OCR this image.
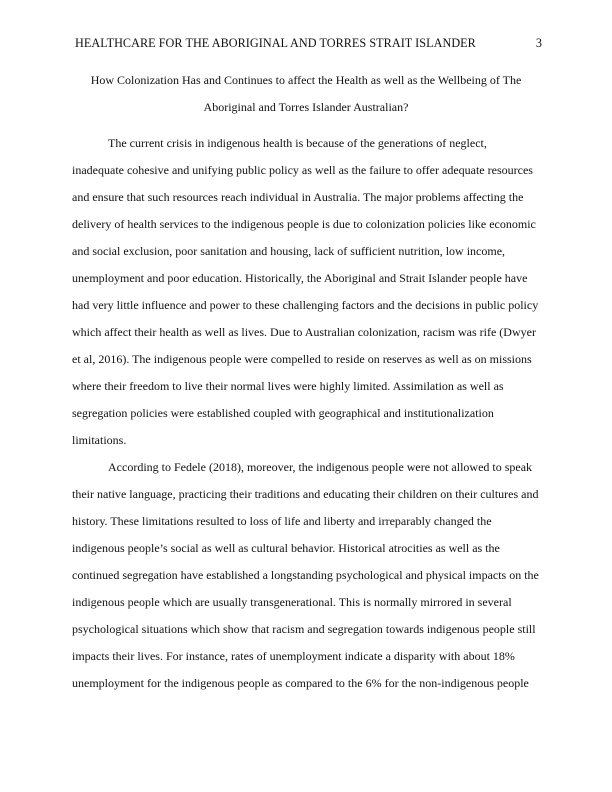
HEALTHCARE FOR THE ABORIGINAL AND TORRES STRAIT ISLANDER	3
How Colonization Has and Continues to affect the Health as well as the Wellbeing of The
Aboriginal and Torres Islander Australian?
The current crisis in indigenous health is because of the generations of neglect,
inadequate cohesive and unifying public policy as well as the failure to offer adequate resources
and ensure that such resources reach individual in Australia. The major problems affecting the
delivery of health services to the indigenous people is due to colonization policies like economic
and social exclusion, poor sanitation and housing, lack of sufficient nutrition, low income,
unemployment and poor education. Historically, the Aboriginal and Strait Islander people have
had very little influence and power to these challenging factors and the decisions in public policy
which affect their health as well as lives. Due to Australian colonization, racism was rife (Dwyer
et al, 2016). The indigenous people were compelled to reside on reserves as well as on missions
where their freedom to live their normal lives were highly limited. Assimilation as well as
segregation policies were established coupled with geographical and institutionalization
limitations.
According to Fedele (2018), moreover, the indigenous people were not allowed to speak
their native language, practicing their traditions and educating their children on their cultures and
history. These limitations resulted to loss of life and liberty and irreparably changed the
indigenous people’s social as well as cultural behavior. Historical atrocities as well as the
continued segregation have established a longstanding psychological and physical impacts on the
indigenous people which are usually transgenerational. This is normally mirrored in several
psychological situations which show that racism and segregation towards indigenous people still
impacts their lives. For instance, rates of unemployment indicate a disparity with about 18%
unemployment for the indigenous people as compared to the 6% for the non-indigenous people
